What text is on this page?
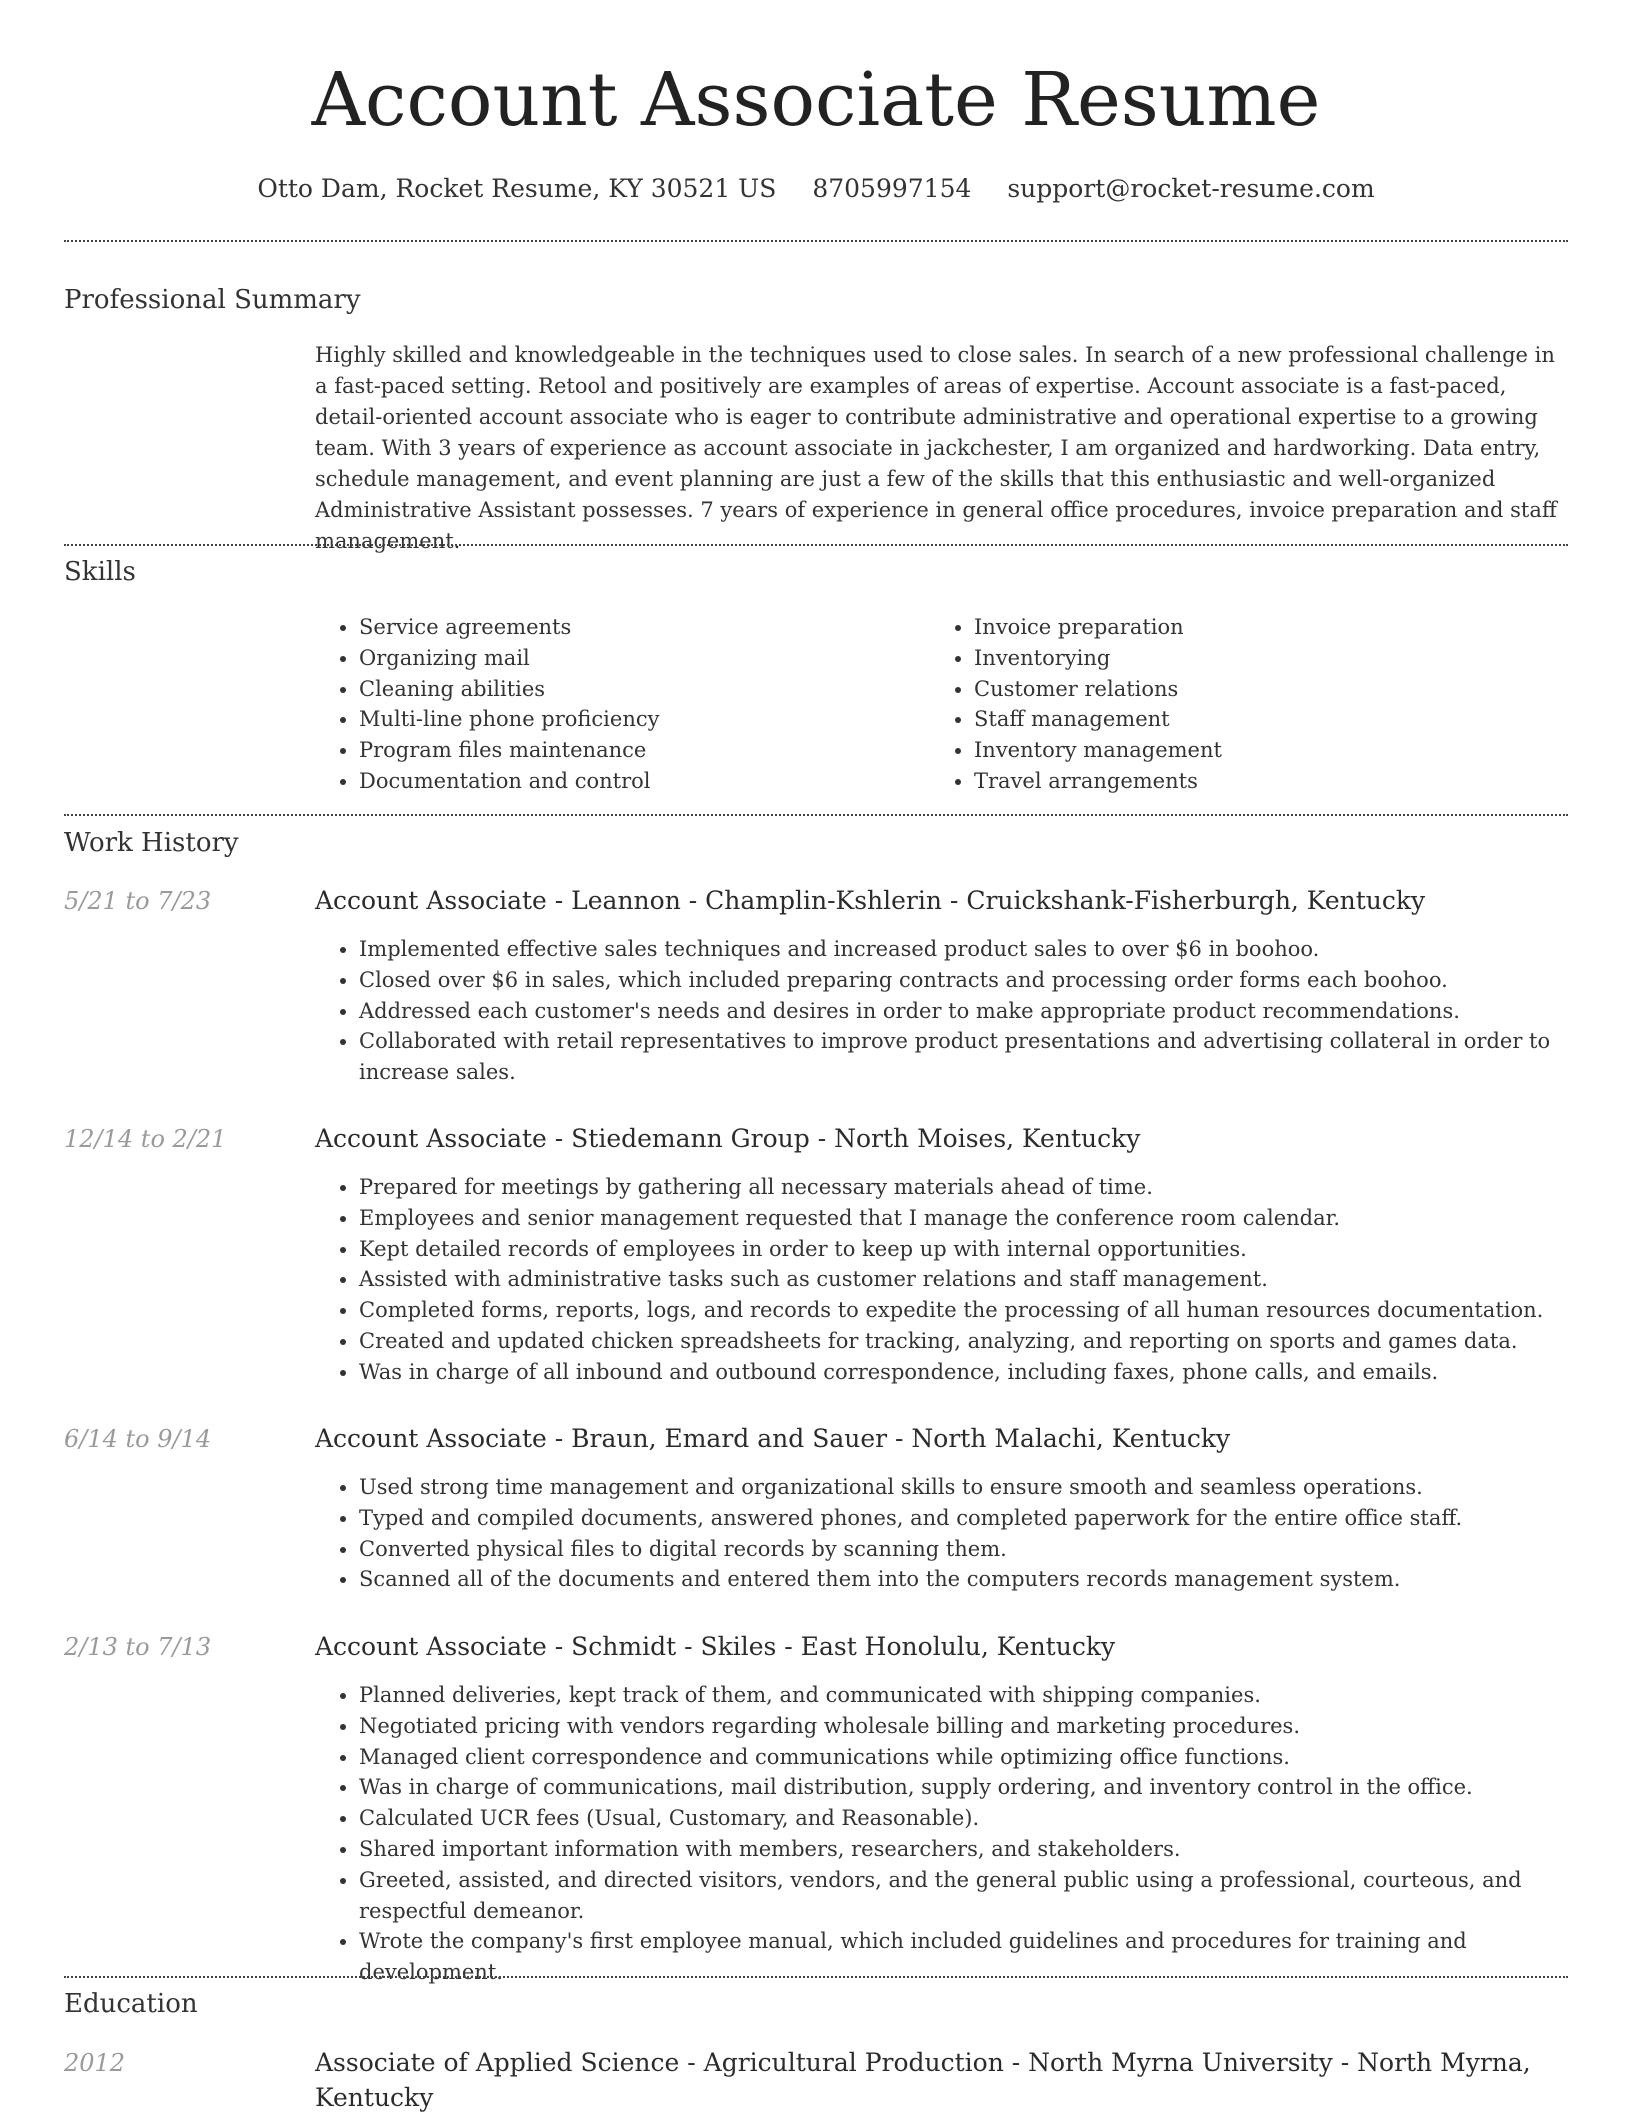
Account Associate Resume
Otto Dam, Rocket Resume, KY 30521 US 8705997154 support@rocket-resume.com
Professional Summary

Highly skilled and knowledgeable in the techniques used to close sales. In search of a new professional challenge in a fast-paced setting. Retool and positively are examples of areas of expertise. Account associate is a fast-paced, detail-oriented account associate who is eager to contribute administrative and operational expertise to a growing team. With 3 years of experience as account associate in jackchester, I am organized and hardworking. Data entry, schedule management, and event planning are just a few of the skills that this enthusiastic and well-organized Administrative Assistant possesses. 7 years of experience in general office procedures, invoice preparation and staff management.

Skills
• Service agreements
• Organizing mail
• Cleaning abilities
• Multi-line phone proficiency
• Program files maintenance
• Documentation and control
• Invoice preparation
• Inventorying
• Customer relations
• Staff management
• Inventory management
• Travel arrangements
Work History
5/21 to 7/23	Account Associate - Leannon - Champlin-Kshlerin - Cruickshank-Fisherburgh, Kentucky
• Implemented effective sales techniques and increased product sales to over $6 in boohoo.
• Closed over $6 in sales, which included preparing contracts and processing order forms each boohoo.
• Addressed each customer's needs and desires in order to make appropriate product recommendations.
• Collaborated with retail representatives to improve product presentations and advertising collateral in order to increase sales.
12/14 to 2/21	Account Associate - Stiedemann Group - North Moises, Kentucky
• Prepared for meetings by gathering all necessary materials ahead of time.
• Employees and senior management requested that I manage the conference room calendar.
• Kept detailed records of employees in order to keep up with internal opportunities.
• Assisted with administrative tasks such as customer relations and staff management.
• Completed forms, reports, logs, and records to expedite the processing of all human resources documentation.
• Created and updated chicken spreadsheets for tracking, analyzing, and reporting on sports and games data.
• Was in charge of all inbound and outbound correspondence, including faxes, phone calls, and emails.
6/14 to 9/14	Account Associate - Braun, Emard and Sauer - North Malachi, Kentucky
• Used strong time management and organizational skills to ensure smooth and seamless operations.
• Typed and compiled documents, answered phones, and completed paperwork for the entire office staff.
• Converted physical files to digital records by scanning them.
• Scanned all of the documents and entered them into the computers records management system.
2/13 to 7/13	Account Associate - Schmidt - Skiles - East Honolulu, Kentucky
• Planned deliveries, kept track of them, and communicated with shipping companies.
• Negotiated pricing with vendors regarding wholesale billing and marketing procedures.
• Managed client correspondence and communications while optimizing office functions.
• Was in charge of communications, mail distribution, supply ordering, and inventory control in the office.
• Calculated UCR fees (Usual, Customary, and Reasonable).
• Shared important information with members, researchers, and stakeholders.
• Greeted, assisted, and directed visitors, vendors, and the general public using a professional, courteous, and respectful demeanor.
• Wrote the company's first employee manual, which included guidelines and procedures for training and development.
Education
2012	Associate of Applied Science - Agricultural Production - North Myrna University - North Myrna, Kentucky
